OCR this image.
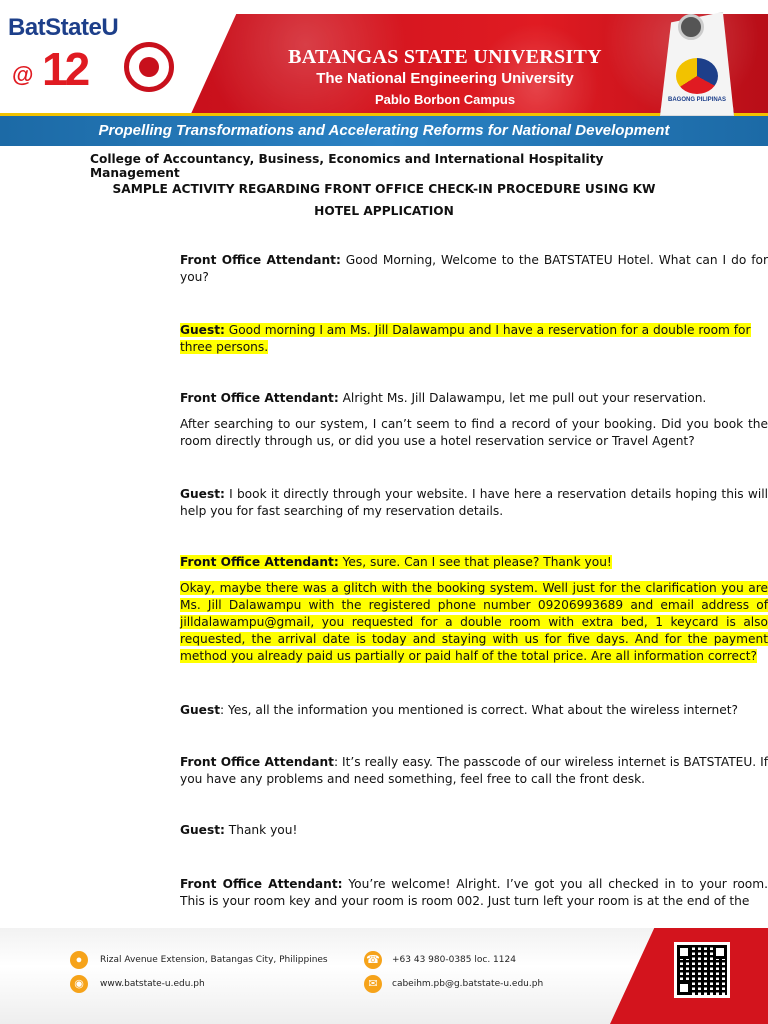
BatStateU
@ 12	BATANGAS STATE UNIVERSITY
The National Engineering University
Pablo Borbon Campus	BAGONG PILIPINAS
Propelling Transformations and Accelerating Reforms for National Development
College of Accountancy, Business, Economics and International Hospitality Management
SAMPLE ACTIVITY REGARDING FRONT OFFICE CHECK-IN PROCEDURE USING KW
HOTEL APPLICATION
Front Office Attendant: Good Morning, Welcome to the BATSTATEU Hotel. What can I do for you?
Guest: Good morning I am Ms. Jill Dalawampu and I have a reservation for a double room for
three persons.
Front Office Attendant: Alright Ms. Jill Dalawampu, let me pull out your reservation.
After searching to our system, I can’t seem to find a record of your booking. Did you book the room directly through us, or did you use a hotel reservation service or Travel Agent?
Guest: I book it directly through your website. I have here a reservation details hoping this will help you for fast searching of my reservation details.
Front Office Attendant: Yes, sure. Can I see that please? Thank you!
Okay, maybe there was a glitch with the booking system. Well just for the clarification you are
Ms. Jill Dalawampu with the registered phone number 09206993689 and email address of
jilldalawampu@gmail, you requested for a double room with extra bed, 1 keycard is also
requested, the arrival date is today and staying with us for five days. And for the payment
method you already paid us partially or paid half of the total price. Are all information correct?
Guest: Yes, all the information you mentioned is correct. What about the wireless internet?
Front Office Attendant: It’s really easy. The passcode of our wireless internet is BATSTATEU. If you have any problems and need something, feel free to call the front desk.
Guest: Thank you!
Front Office Attendant: You’re welcome! Alright. I’ve got you all checked in to your room. This is your room key and your room is room 002. Just turn left your room is at the end of the
●	Rizal Avenue Extension, Batangas City, Philippines
◉	www.batstate-u.edu.ph
☎ +63 43 980-0385 loc. 1124
✉	cabeihm.pb@g.batstate-u.edu.ph
